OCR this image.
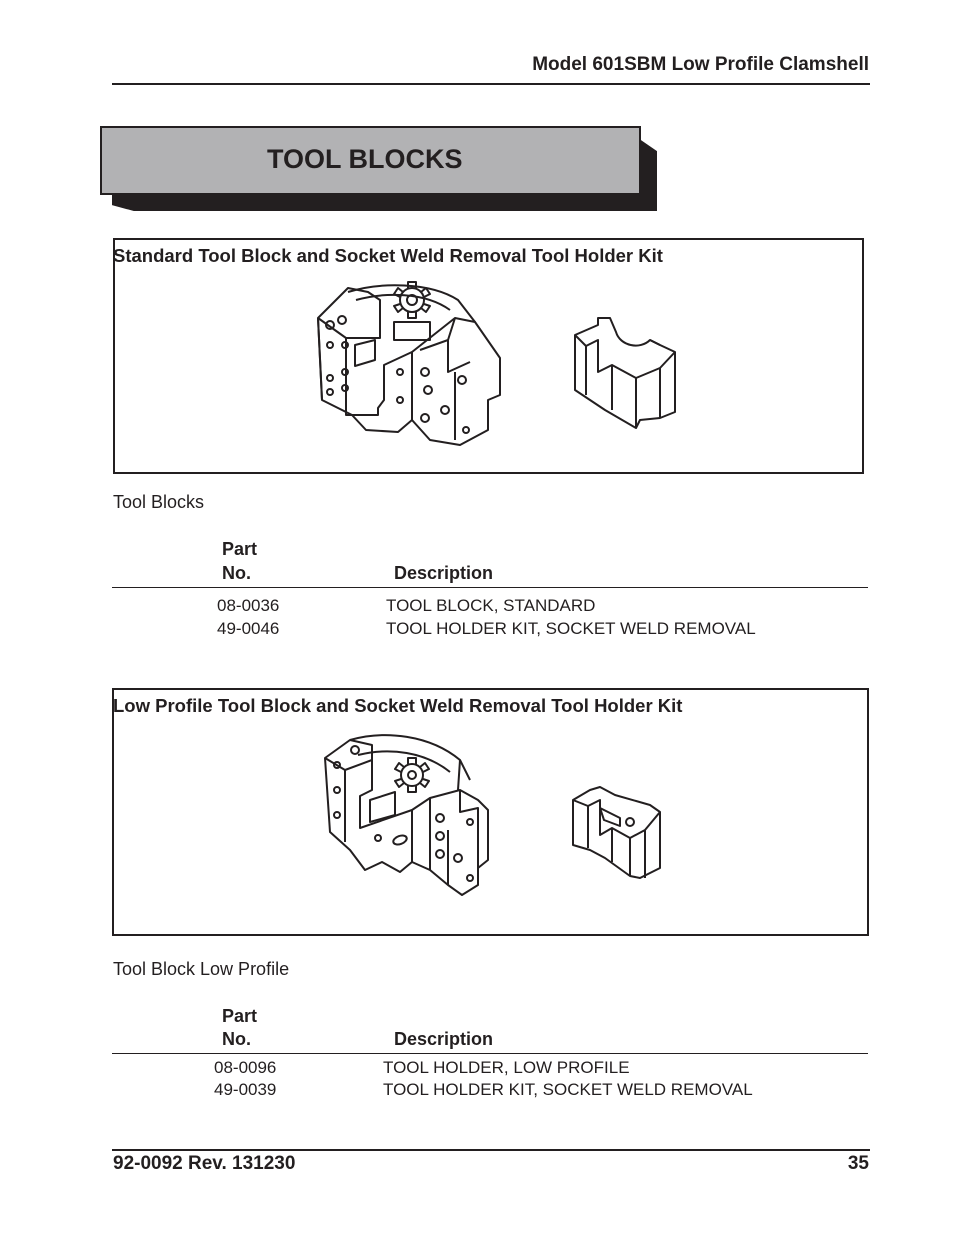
Model 601SBM Low Profile Clamshell
TOOL BLOCKS
Standard Tool Block and Socket Weld Removal Tool Holder Kit
Tool Blocks
Part
No.	Description
08-0036	TOOL BLOCK, STANDARD
49-0046	TOOL HOLDER KIT, SOCKET WELD REMOVAL
Low Profile Tool Block and Socket Weld Removal Tool Holder Kit
Tool Block Low Profile
Part
No.	Description
08-0096	TOOL HOLDER, LOW PROFILE
49-0039	TOOL HOLDER KIT, SOCKET WELD REMOVAL
92-0092 Rev. 131230	35
